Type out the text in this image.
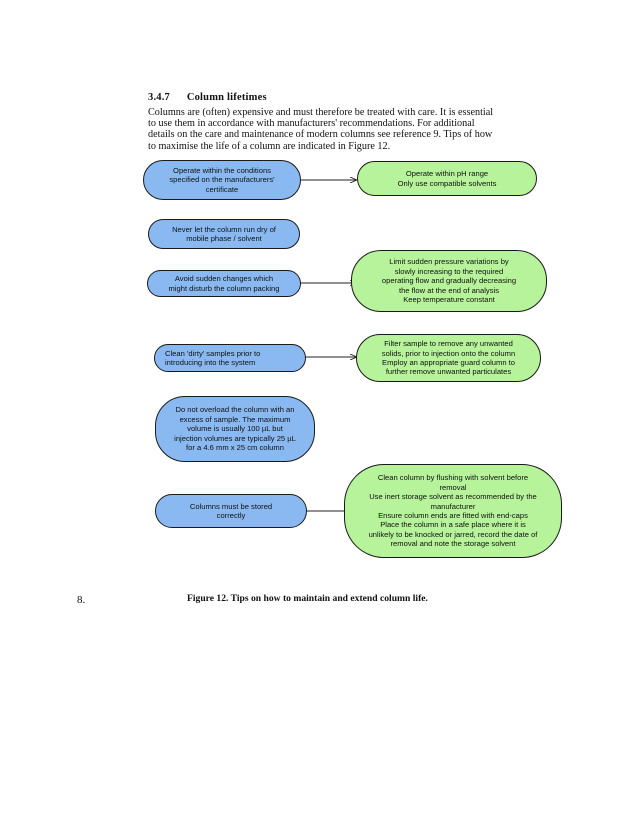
3.4.7 Column lifetimes
Columns are (often) expensive and must therefore be treated with care. It is essential
to use them in accordance with manufacturers' recommendations. For additional
details on the care and maintenance of modern columns see reference 9. Tips of how
to maximise the life of a column are indicated in Figure 12.
Operate within the conditions
specified on the manufacturers'
certificate
Never let the column run dry of
mobile phase / solvent
Avoid sudden changes which
might disturb the column packing
Clean 'dirty' samples prior to
introducing into the system
Do not overload the column with an
excess of sample. The maximum
volume is usually 100 µL but
injection volumes are typically 25 µL
for a 4.6 mm x 25 cm column
Columns must be stored
correctly
Operate within pH range
Only use compatible solvents
Limit sudden pressure variations by
slowly increasing to the required
operating flow and gradually decreasing
the flow at the end of analysis
Keep temperature constant
Filter sample to remove any unwanted
solids, prior to injection onto the column
Employ an appropriate guard column to
further remove unwanted particulates
Clean column by flushing with solvent before
removal
Use inert storage solvent as recommended by the
manufacturer
Ensure column ends are fitted with end-caps
Place the column in a safe place where it is
unlikely to be knocked or jarred, record the date of
removal and note the storage solvent
8.	Figure 12. Tips on how to maintain and extend column life.
